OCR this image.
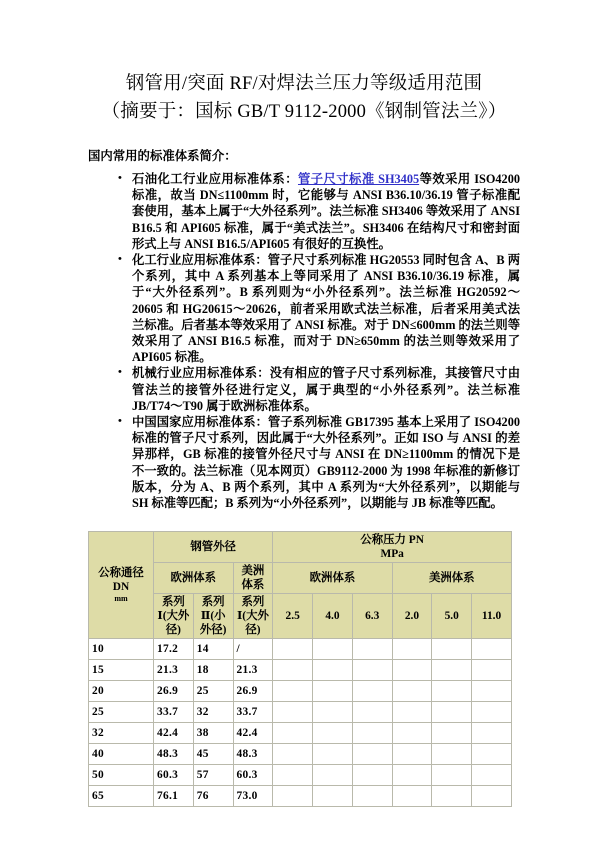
钢管用/突面 RF/对焊法兰压力等级适用范围
（摘要于：国标 GB/T 9112-2000《钢制管法兰》）

国内常用的标准体系简介：

• 石油化工行业应用标准体系：管子尺寸标准 SH3405等效采用 ISO4200 标准，故当 DN≤1100mm 时，它能够与 ANSI B36.10/36.19 管子标准配套使用，基本上属于“大外径系列”。法兰标准 SH3406 等效采用了 ANSI B16.5 和 API605 标准，属于“美式法兰”。SH3406 在结构尺寸和密封面形式上与 ANSI B16.5/API605 有很好的互换性。
• 化工行业应用标准体系：管子尺寸系列标准 HG20553 同时包含 A、B 两个系列，其中 A 系列基本上等同采用了 ANSI B36.10/36.19 标准，属于“大外径系列”。B 系列则为“小外径系列”。法兰标准 HG20592～20605 和 HG20615～20626，前者采用欧式法兰标准，后者采用美式法兰标准。后者基本等效采用了 ANSI 标准。对于 DN≤600mm 的法兰则等效采用了 ANSI B16.5 标准，而对于 DN≥650mm 的法兰则等效采用了 API605 标准。
• 机械行业应用标准体系：没有相应的管子尺寸系列标准，其接管尺寸由管法兰的接管外径进行定义，属于典型的“小外径系列”。法兰标准 JB/T74～T90 属于欧洲标准体系。
• 中国国家应用标准体系：管子系列标准 GB17395 基本上采用了 ISO4200 标准的管子尺寸系列，因此属于“大外径系列”。正如 ISO 与 ANSI 的差异那样，GB 标准的接管外径尺寸与 ANSI 在 DN≥1100mm 的情况下是不一致的。法兰标准（见本网页）GB9112-2000 为 1998 年标准的新修订版本，分为 A、B 两个系列，其中 A 系列为“大外径系列”，以期能与 SH 标准等匹配；B 系列为“小外径系列”，以期能与 JB 标准等匹配。
公称通径
DN
mm	钢管外径			公称压力 PN
MPa					

	欧洲体系		美洲体系	欧洲体系			美洲体系		
	系列Ⅰ(大外径)	系列Ⅱ(小外径)	系列Ⅰ(大外径)	2.5	4.0	6.3	2.0	5.0	11.0
10	17.2	14	/						
15	21.3	18	21.3						
20	26.9	25	26.9						
25	33.7	32	33.7						
32	42.4	38	42.4						
40	48.3	45	48.3						
50	60.3	57	60.3						
65	76.1	76	73.0						
